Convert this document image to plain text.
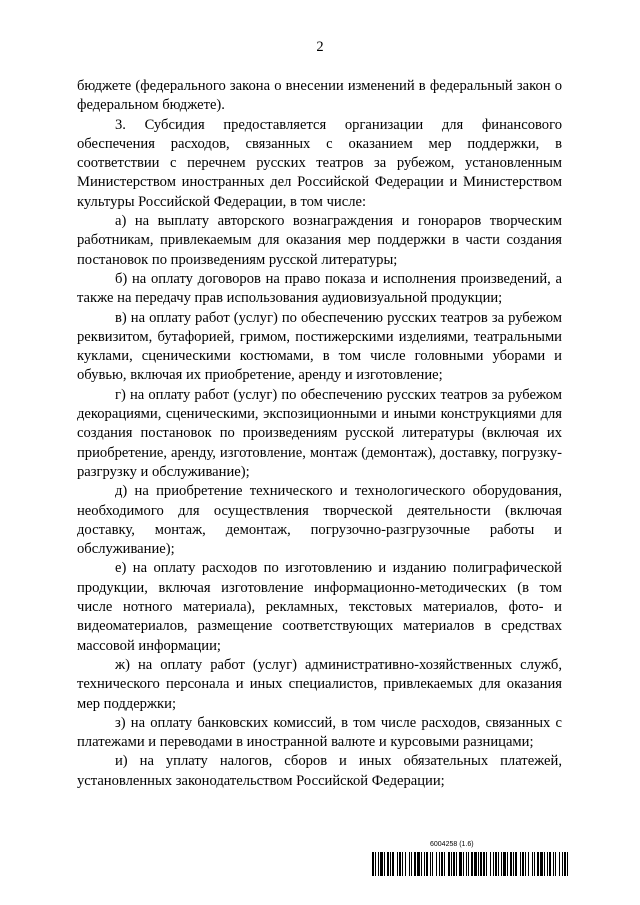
2

бюджете (федерального закона о внесении изменений в федеральный закон о федеральном бюджете).

3. Субсидия предоставляется организации для финансового обеспечения расходов, связанных с оказанием мер поддержки, в соответствии с перечнем русских театров за рубежом, установленным Министерством иностранных дел Российской Федерации и Министерством культуры Российской Федерации, в том числе:

а) на выплату авторского вознаграждения и гонораров творческим работникам, привлекаемым для оказания мер поддержки в части создания постановок по произведениям русской литературы;

б) на оплату договоров на право показа и исполнения произведений, а также на передачу прав использования аудиовизуальной продукции;

в) на оплату работ (услуг) по обеспечению русских театров за рубежом реквизитом, бутафорией, гримом, постижерскими изделиями, театральными куклами, сценическими костюмами, в том числе головными уборами и обувью, включая их приобретение, аренду и изготовление;

г) на оплату работ (услуг) по обеспечению русских театров за рубежом декорациями, сценическими, экспозиционными и иными конструкциями для создания постановок по произведениям русской литературы (включая их приобретение, аренду, изготовление, монтаж (демонтаж), доставку, погрузку-разгрузку и обслуживание);

д) на приобретение технического и технологического оборудования, необходимого для осуществления творческой деятельности (включая доставку, монтаж, демонтаж, погрузочно-разгрузочные работы и обслуживание);

е) на оплату расходов по изготовлению и изданию полиграфической продукции, включая изготовление информационно-методических (в том числе нотного материала), рекламных, текстовых материалов, фото- и видеоматериалов, размещение соответствующих материалов в средствах массовой информации;

ж) на оплату работ (услуг) административно-хозяйственных служб, технического персонала и иных специалистов, привлекаемых для оказания мер поддержки;

з) на оплату банковских комиссий, в том числе расходов, связанных с платежами и переводами в иностранной валюте и курсовыми разницами;

и) на уплату налогов, сборов и иных обязательных платежей, установленных законодательством Российской Федерации;

6004258 (1.6)
